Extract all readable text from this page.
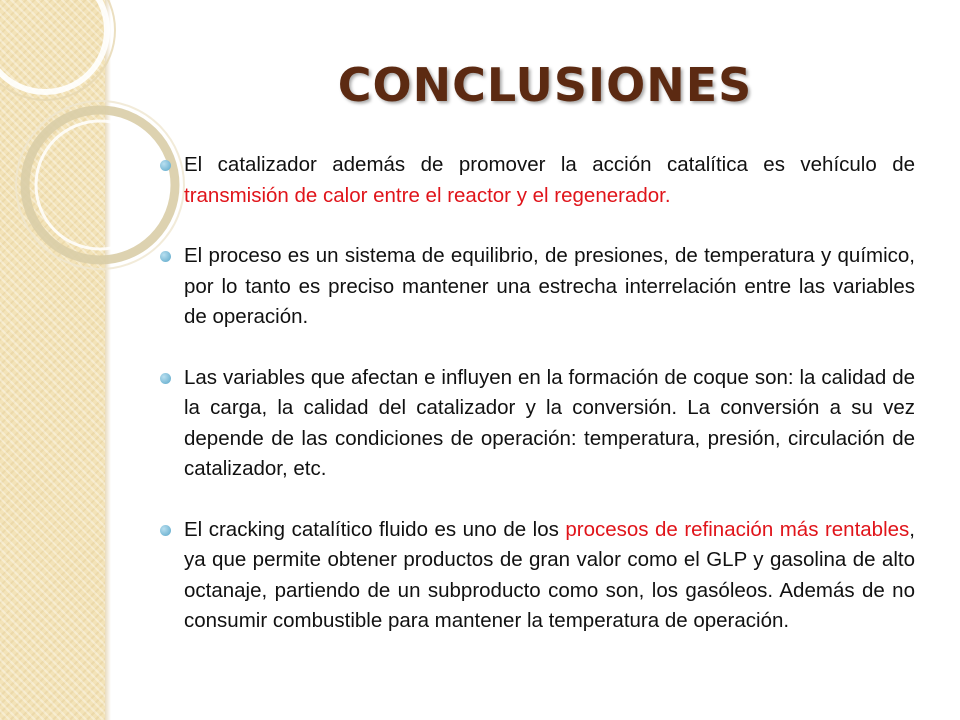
CONCLUSIONES
El catalizador además de promover la acción catalítica es vehículo de transmisión de calor entre el reactor y el regenerador.
El proceso es un sistema de equilibrio, de presiones, de temperatura y químico, por lo tanto es preciso mantener una estrecha interrelación entre las variables de operación.
Las variables que afectan e influyen en la formación de coque son: la calidad de la carga, la calidad del catalizador y la conversión. La conversión a su vez depende de las condiciones de operación: temperatura, presión, circulación de catalizador, etc.
El cracking catalítico fluido es uno de los procesos de refinación más rentables, ya que permite obtener productos de gran valor como el GLP y gasolina de alto octanaje, partiendo de un subproducto como son, los gasóleos. Además de no consumir combustible para mantener la temperatura de operación.
